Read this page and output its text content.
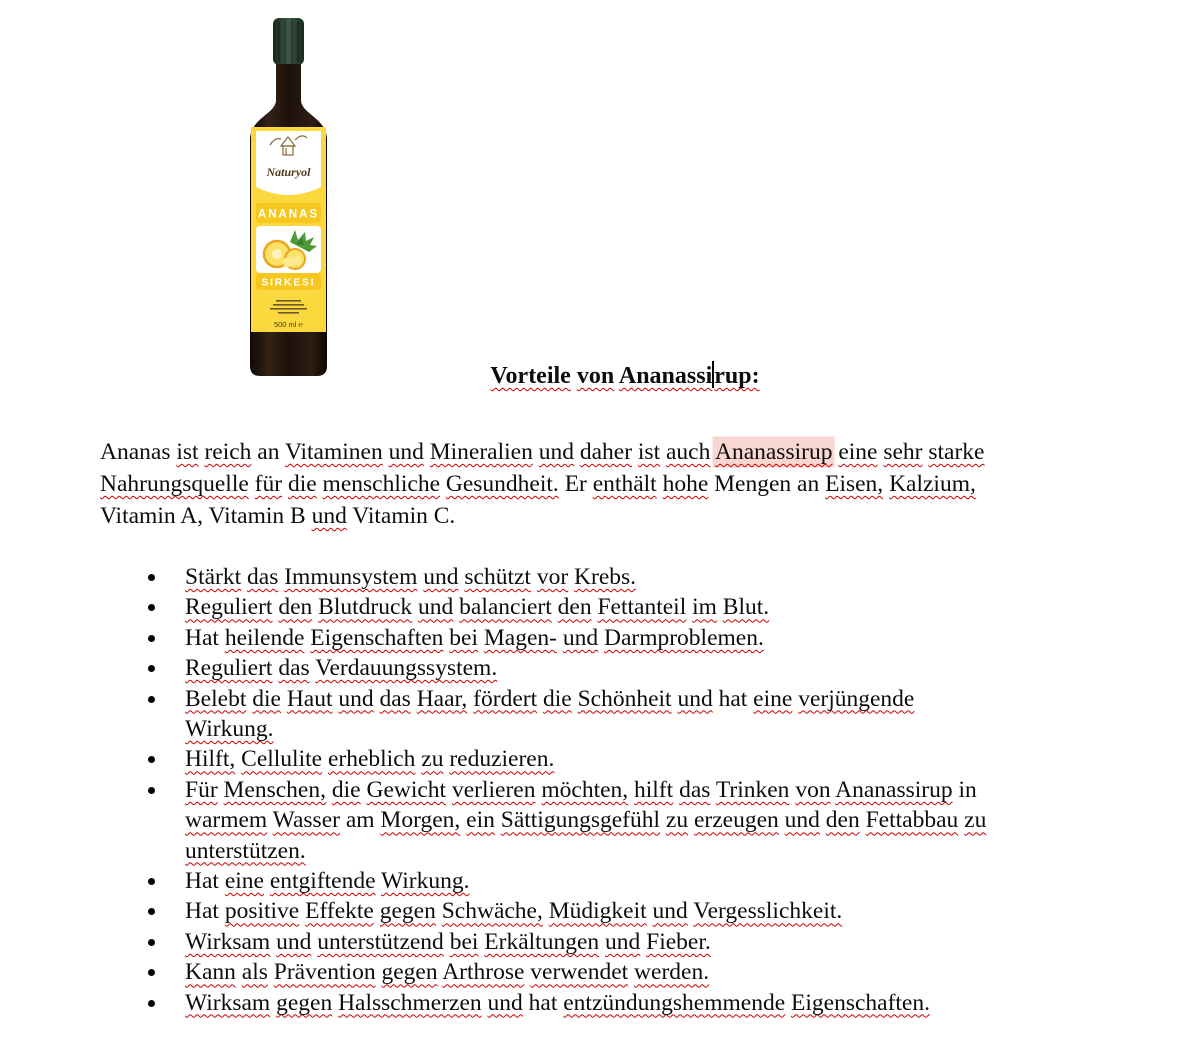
Naturyol
ANANAS
SIRKESI
500 ml ℮
Vorteile von Ananassirup:
Ananas ist reich an Vitaminen und Mineralien und daher ist auch Ananassirup eine sehr starke
Nahrungsquelle für die menschliche Gesundheit. Er enthält hohe Mengen an Eisen, Kalzium,
Vitamin A, Vitamin B und Vitamin C.
Stärkt das Immunsystem und schützt vor Krebs.
Reguliert den Blutdruck und balanciert den Fettanteil im Blut.
Hat heilende Eigenschaften bei Magen- und Darmproblemen.
Reguliert das Verdauungssystem.
Belebt die Haut und das Haar, fördert die Schönheit und hat eine verjüngende
Wirkung.
Hilft, Cellulite erheblich zu reduzieren.
Für Menschen, die Gewicht verlieren möchten, hilft das Trinken von Ananassirup in
warmem Wasser am Morgen, ein Sättigungsgefühl zu erzeugen und den Fettabbau zu
unterstützen.
Hat eine entgiftende Wirkung.
Hat positive Effekte gegen Schwäche, Müdigkeit und Vergesslichkeit.
Wirksam und unterstützend bei Erkältungen und Fieber.
Kann als Prävention gegen Arthrose verwendet werden.
Wirksam gegen Halsschmerzen und hat entzündungshemmende Eigenschaften.
